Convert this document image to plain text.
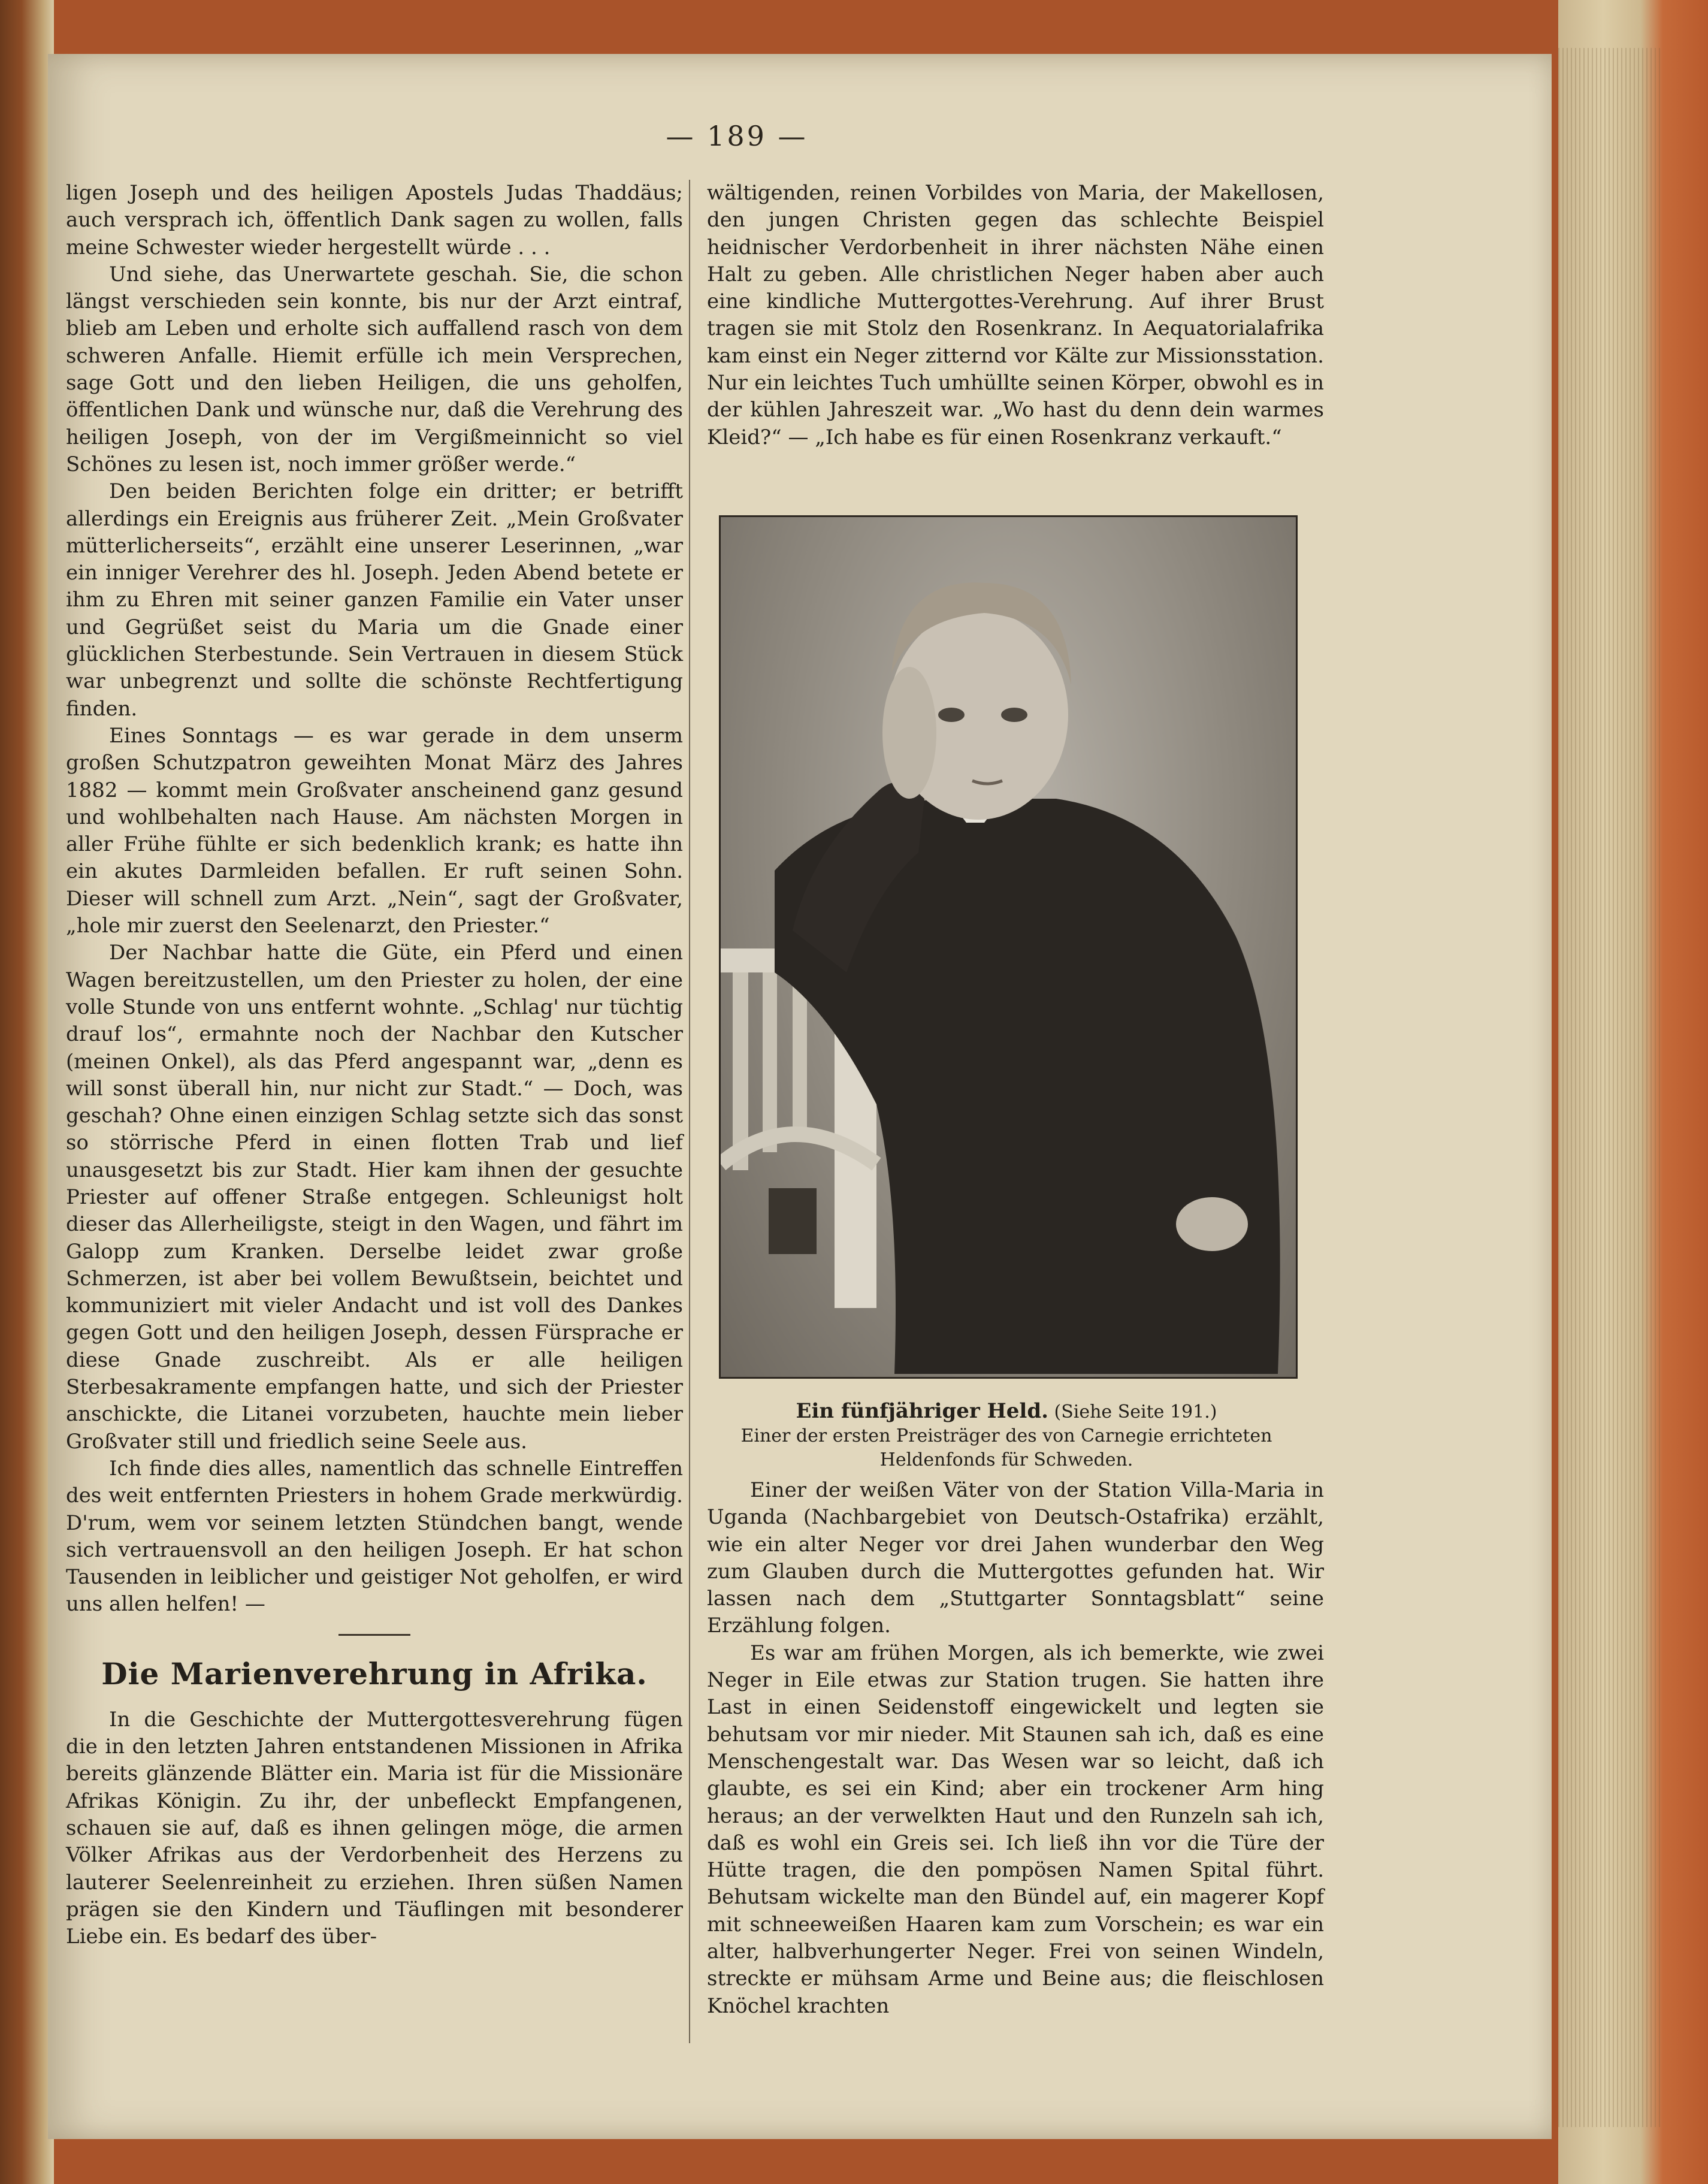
— 189 —

ligen Joseph und des heiligen Apostels Judas Thaddäus; auch versprach ich, öffentlich Dank sagen zu wollen, falls meine Schwester wieder hergestellt würde . . .

Und siehe, das Unerwartete geschah. Sie, die schon längst verschieden sein konnte, bis nur der Arzt eintraf, blieb am Leben und erholte sich auffallend rasch von dem schweren Anfalle. Hiemit erfülle ich mein Versprechen, sage Gott und den lieben Heiligen, die uns geholfen, öffentlichen Dank und wünsche nur, daß die Verehrung des heiligen Joseph, von der im Vergißmeinnicht so viel Schönes zu lesen ist, noch immer größer werde.“

Den beiden Berichten folge ein dritter; er betrifft allerdings ein Ereignis aus früherer Zeit. „Mein Großvater mütterlicherseits“, erzählt eine unserer Leserinnen, „war ein inniger Verehrer des hl. Joseph. Jeden Abend betete er ihm zu Ehren mit seiner ganzen Familie ein Vater unser und Gegrüßet seist du Maria um die Gnade einer glücklichen Sterbestunde. Sein Vertrauen in diesem Stück war unbegrenzt und sollte die schönste Rechtfertigung finden.

Eines Sonntags — es war gerade in dem unserm großen Schutzpatron geweihten Monat März des Jahres 1882 — kommt mein Großvater anscheinend ganz gesund und wohlbehalten nach Hause. Am nächsten Morgen in aller Frühe fühlte er sich bedenklich krank; es hatte ihn ein akutes Darmleiden befallen. Er ruft seinen Sohn. Dieser will schnell zum Arzt. „Nein“, sagt der Großvater, „hole mir zuerst den Seelenarzt, den Priester.“

Der Nachbar hatte die Güte, ein Pferd und einen Wagen bereitzustellen, um den Priester zu holen, der eine volle Stunde von uns entfernt wohnte. „Schlag' nur tüchtig drauf los“, ermahnte noch der Nachbar den Kutscher (meinen Onkel), als das Pferd angespannt war, „denn es will sonst überall hin, nur nicht zur Stadt.“ — Doch, was geschah? Ohne einen einzigen Schlag setzte sich das sonst so störrische Pferd in einen flotten Trab und lief unausgesetzt bis zur Stadt. Hier kam ihnen der gesuchte Priester auf offener Straße entgegen. Schleunigst holt dieser das Allerheiligste, steigt in den Wagen, und fährt im Galopp zum Kranken. Derselbe leidet zwar große Schmerzen, ist aber bei vollem Bewußtsein, beichtet und kommuniziert mit vieler Andacht und ist voll des Dankes gegen Gott und den heiligen Joseph, dessen Fürsprache er diese Gnade zuschreibt. Als er alle heiligen Sterbesakramente empfangen hatte, und sich der Priester anschickte, die Litanei vorzubeten, hauchte mein lieber Großvater still und friedlich seine Seele aus.

Ich finde dies alles, namentlich das schnelle Eintreffen des weit entfernten Priesters in hohem Grade merkwürdig. D'rum, wem vor seinem letzten Stündchen bangt, wende sich vertrauensvoll an den heiligen Joseph. Er hat schon Tausenden in leiblicher und geistiger Not geholfen, er wird uns allen helfen! —

Die Marienverehrung in Afrika.

In die Geschichte der Muttergottesverehrung fügen die in den letzten Jahren entstandenen Missionen in Afrika bereits glänzende Blätter ein. Maria ist für die Missionäre Afrikas Königin. Zu ihr, der unbefleckt Empfangenen, schauen sie auf, daß es ihnen gelingen möge, die armen Völker Afrikas aus der Verdorbenheit des Herzens zu lauterer Seelenreinheit zu erziehen. Ihren süßen Namen prägen sie den Kindern und Täuflingen mit besonderer Liebe ein. Es bedarf des über-

wältigenden, reinen Vorbildes von Maria, der Makellosen, den jungen Christen gegen das schlechte Beispiel heidnischer Verdorbenheit in ihrer nächsten Nähe einen Halt zu geben. Alle christlichen Neger haben aber auch eine kindliche Muttergottes-Verehrung. Auf ihrer Brust tragen sie mit Stolz den Rosenkranz. In Aequatorialafrika kam einst ein Neger zitternd vor Kälte zur Missionsstation. Nur ein leichtes Tuch umhüllte seinen Körper, obwohl es in der kühlen Jahreszeit war. „Wo hast du denn dein warmes Kleid?“ — „Ich habe es für einen Rosenkranz verkauft.“

Ein fünfjähriger Held. (Siehe Seite 191.)
Einer der ersten Preisträger des von Carnegie errichteten Heldenfonds für Schweden.

Einer der weißen Väter von der Station Villa-Maria in Uganda (Nachbargebiet von Deutsch-Ostafrika) erzählt, wie ein alter Neger vor drei Jahen wunderbar den Weg zum Glauben durch die Muttergottes gefunden hat. Wir lassen nach dem „Stuttgarter Sonntagsblatt“ seine Erzählung folgen.

Es war am frühen Morgen, als ich bemerkte, wie zwei Neger in Eile etwas zur Station trugen. Sie hatten ihre Last in einen Seidenstoff eingewickelt und legten sie behutsam vor mir nieder. Mit Staunen sah ich, daß es eine Menschengestalt war. Das Wesen war so leicht, daß ich glaubte, es sei ein Kind; aber ein trockener Arm hing heraus; an der verwelkten Haut und den Runzeln sah ich, daß es wohl ein Greis sei. Ich ließ ihn vor die Türe der Hütte tragen, die den pompösen Namen Spital führt. Behutsam wickelte man den Bündel auf, ein magerer Kopf mit schneeweißen Haaren kam zum Vorschein; es war ein alter, halbverhungerter Neger. Frei von seinen Windeln, streckte er mühsam Arme und Beine aus; die fleischlosen Knöchel krachten
